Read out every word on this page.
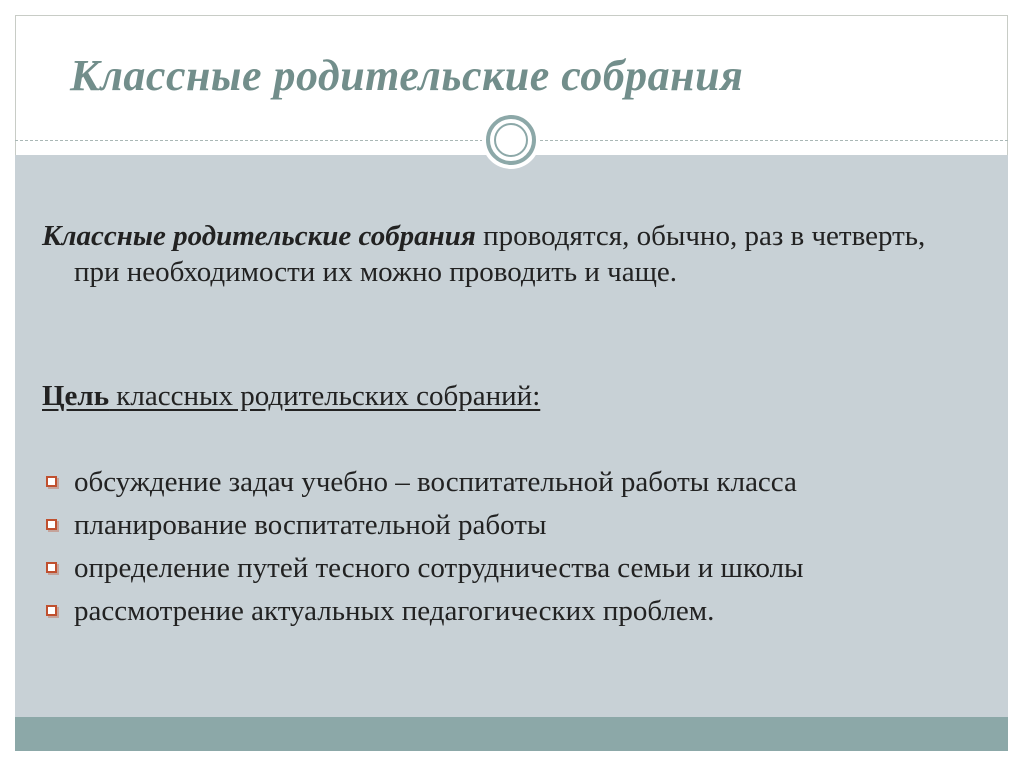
Классные родительские собрания
Классные родительские собрания проводятся, обычно, раз в четверть, при необходимости их можно проводить и чаще.
Цель классных родительских собраний:
обсуждение задач учебно – воспитательной работы класса
планирование воспитательной работы
определение путей тесного сотрудничества семьи и школы
рассмотрение актуальных педагогических проблем.
